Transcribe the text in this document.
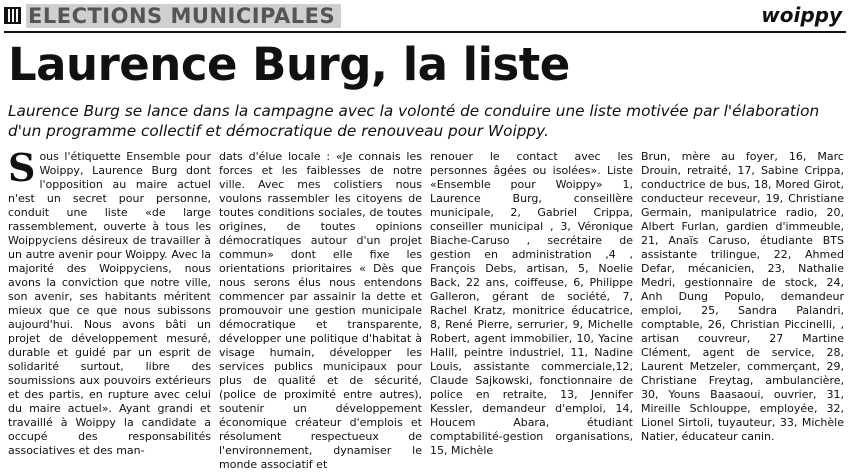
ELECTIONS MUNICIPALES	woippy
Laurence Burg, la liste
Laurence Burg se lance dans la campagne avec la volonté de conduire une liste motivée par l'élaboration d'un programme collectif et démocratique de renouveau pour Woippy.

Sous l'étiquette Ensemble pour Woippy, Laurence Burg dont l'opposition au maire actuel n'est un secret pour personne, conduit une liste «de large rassemblement, ouverte à tous les Woippyciens désireux de travailler à un autre avenir pour Woippy. Avec la majorité des Woippyciens, nous avons la conviction que notre ville, son avenir, ses habitants méritent mieux que ce que nous subissons aujourd'hui. Nous avons bâti un projet de développement mesuré, durable et guidé par un esprit de solidarité surtout, libre des soumissions aux pouvoirs extérieurs et des partis, en rupture avec celui du maire actuel». Ayant grandi et travaillé à Woippy la candidate a occupé des responsabilités associatives et des man-

dats d'élue locale : «Je connais les forces et les faiblesses de notre ville. Avec mes colistiers nous voulons rassembler les citoyens de toutes conditions sociales, de toutes origines, de toutes opinions démocratiques autour d'un projet commun» dont elle fixe les orientations prioritaires « Dès que nous serons élus nous entendons commencer par assainir la dette et promouvoir une gestion municipale démocratique et transparente, développer une politique d'habitat à visage humain, développer les services publics municipaux pour plus de qualité et de sécurité, (police de proximité entre autres), soutenir un développement économique créateur d'emplois et résolument respectueux de l'environnement, dynamiser le monde associatif et

renouer le contact avec les personnes âgées ou isolées». Liste «Ensemble pour Woippy» 1, Laurence Burg, conseillère municipale, 2, Gabriel Crippa, conseiller municipal , 3, Véronique Biache-Caruso , secrétaire de gestion en administration ,4 , François Debs, artisan, 5, Noelie Back, 22 ans, coiffeuse, 6, Philippe Galleron, gérant de société, 7, Rachel Kratz, monitrice éducatrice, 8, René Pierre, serrurier, 9, Michelle Robert, agent immobilier, 10, Yacine Halil, peintre industriel, 11, Nadine Louis, assistante commerciale,12, Claude Sajkowski, fonctionnaire de police en retraite, 13, Jennifer Kessler, demandeur d'emploi, 14, Houcem Abara, étudiant comptabilité-gestion organisations, 15, Michèle

Brun, mère au foyer, 16, Marc Drouin, retraité, 17, Sabine Crippa, conductrice de bus, 18, Mored Girot, conducteur receveur, 19, Christiane Germain, manipulatrice radio, 20, Albert Furlan, gardien d'immeuble, 21, Anaïs Caruso, étudiante BTS assistante trilingue, 22, Ahmed Defar, mécanicien, 23, Nathalie Medri, gestionnaire de stock, 24, Anh Dung Populo, demandeur emploi, 25, Sandra Palandri, comptable, 26, Christian Piccinelli, , artisan couvreur, 27 Martine Clément, agent de service, 28, Laurent Metzeler, commerçant, 29, Christiane Freytag, ambulancière, 30, Youns Baasaoui, ouvrier, 31, Mireille Schlouppe, employée, 32, Lionel Sirtoli, tuyauteur, 33, Michèle Natier, éducateur canin.
